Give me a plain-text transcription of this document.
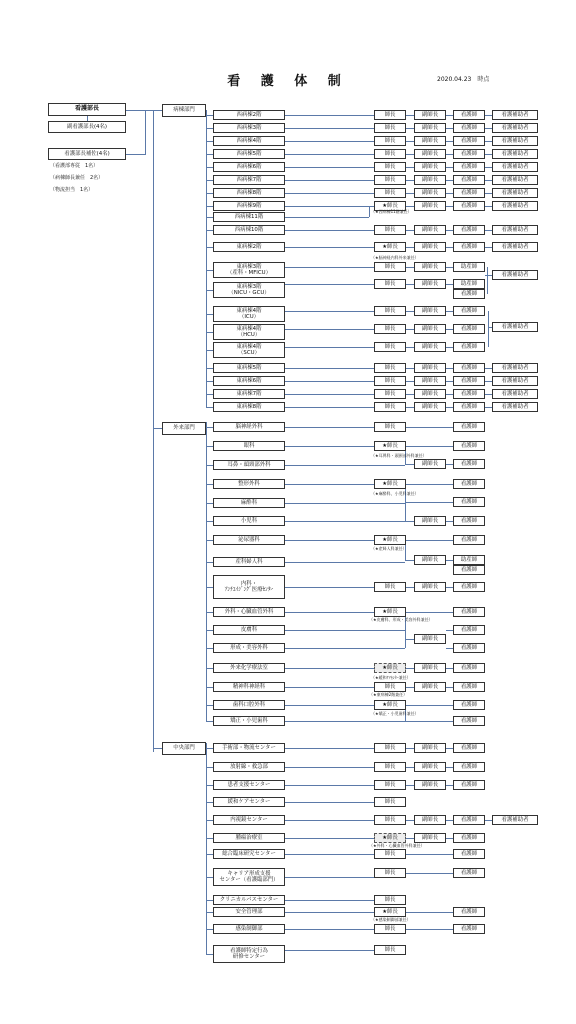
看 護 体 制	2020.04.23　時点
看護部長
副看護部長(4名)
看護部長補佐(4名)
（看護部専従　1名）
（病棟師長兼任　2名）
（物流担当　1名）
病棟部門
外来部門
中央部門
西病棟2階
西病棟3階
西病棟4階
西病棟5階
西病棟6階
西病棟7階
西病棟8階
西病棟9階
西病棟11階
西病棟10階
東病棟2階
東病棟3階
（産科・MFICU）
東病棟3階
（NICU・GCU）
東病棟4階
（ICU）
東病棟4階
（HCU）
東病棟4階
（SCU）
東病棟5階
東病棟6階
東病棟7階
東病棟8階
師長	副師長	看護師	看護補助者
師長	副師長	看護師	看護補助者
師長	副師長	看護師	看護補助者
師長	副師長	看護師	看護補助者
師長	副師長	看護師	看護補助者
師長	副師長	看護師	看護補助者
師長	副師長	看護師	看護補助者
師長	副師長	看護師	看護補助者
師長	副師長	看護師	看護補助者
師長	副師長	看護師	看護補助者
師長	副師長	看護師	看護補助者
師長	副師長	看護師	看護補助者
★師長	副師長	看護師	看護補助者
（★西病棟11階兼任）
★師長	副師長	看護師	看護補助者
（★脳神経内科外来兼任）
師長	副師長	助産師
師長	副師長	助産師
看護師
看護補助者
師長	副師長	看護師
師長	副師長	看護師
師長	副師長	看護師
看護補助者
脳神経外科
眼科
耳鼻・頭頸部外科
整形外科
麻酔科
小児科
泌尿器科
産科婦人科
内科・
ｱﾝﾁｴｲｼﾞﾝｸﾞ医療ｾﾝﾀｰ
外科・心臓血管外科
皮膚科
形成・美容外科
外来化学療法室
精神科神経科
歯科口腔外科
矯正・小児歯科
師長	看護師
★師長	看護師
副師長	看護師
（★耳鼻科・頭頸部外科兼任）
★師長	看護師
看護師
看護師
副師長
（★麻酔科、小児科兼任）
★師長	看護師
副師長	助産師
看護師
（★産婦人科兼任）
師長	副師長	看護師
★師長	看護師
看護師
副師長
看護師
（★皮膚科、形成・美容外科兼任）
★師長	副師長	看護師
（★緩和ｹｱｾﾝﾀｰ兼任）
師長	副師長	看護師
（★東病棟2階兼任）
★師長	看護師
看護師
（★矯正・小児歯科兼任）
手術部・物流センター
放射線・救急部
患者支援センター
緩和ケアセンター
内視鏡センター
腫瘍治療室
総合臨床研究センター
キャリア形成支援
センター（看護臨部門）
クリニカルパスセンター
安全管理部
感染制御部
看護師特定行為
研修センター
師長	副師長	看護師
師長	副師長	看護師
師長	副師長	看護師
師長
師長	副師長	看護師	看護補助者
★師長	副師長	看護師
（★外科・心臓血管外科兼任）
師長	看護師
師長	看護師
師長
★師長	看護師
師長	看護師
（★感染制御部兼任）
師長
